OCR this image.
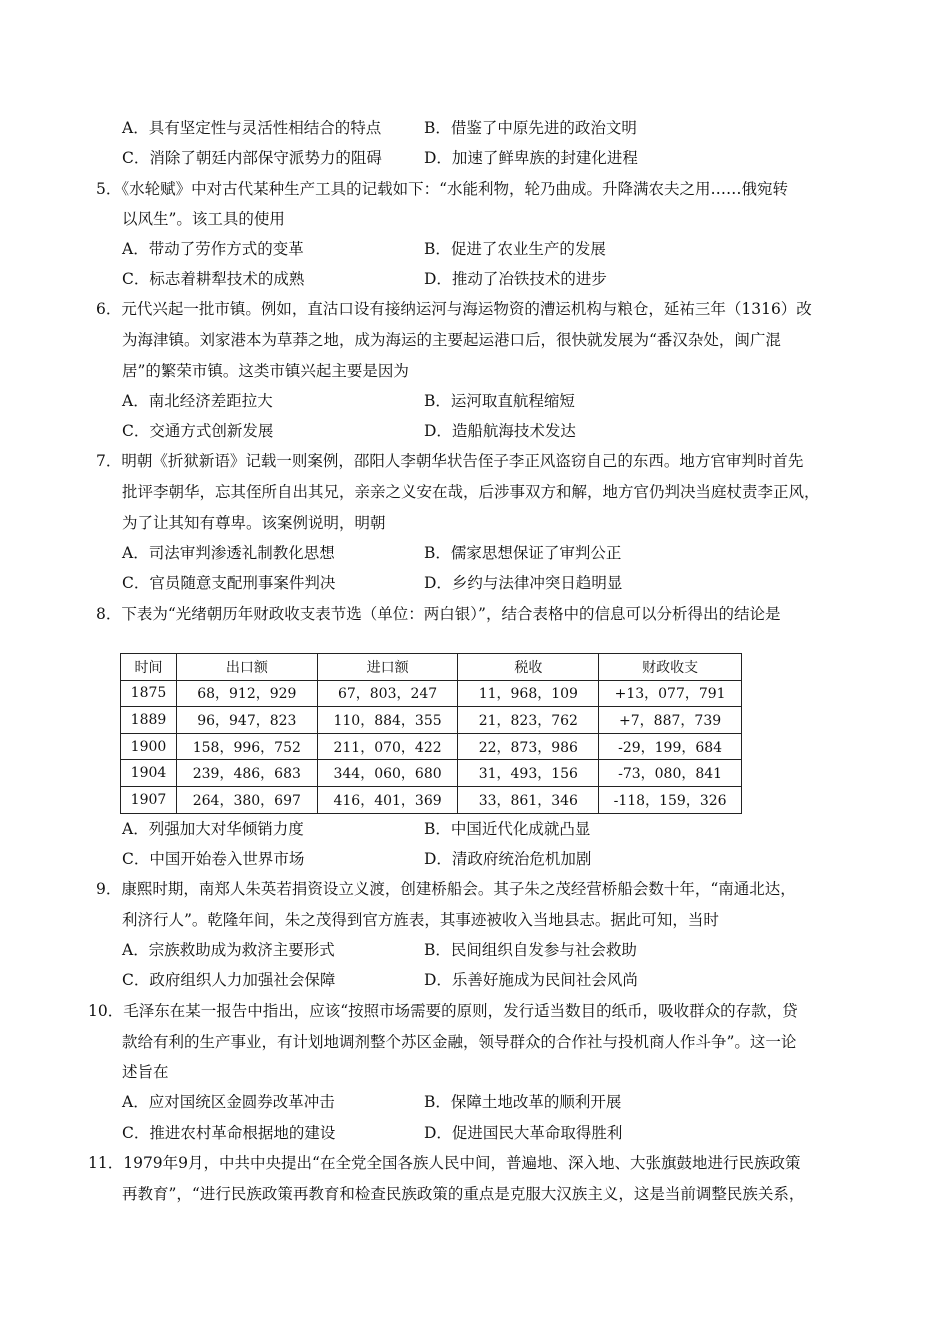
A．具有坚定性与灵活性相结合的特点	B．借鉴了中原先进的政治文明
C．消除了朝廷内部保守派势力的阻碍	D．加速了鲜卑族的封建化进程
5．《水轮赋》中对古代某种生产工具的记载如下：“水能利物，轮乃曲成。升降满农夫之用……俄宛转
以风生”。该工具的使用
A．带动了劳作方式的变革	B．促进了农业生产的发展
C．标志着耕犁技术的成熟	D．推动了冶铁技术的进步
6．元代兴起一批市镇。例如，直沽口设有接纳运河与海运物资的漕运机构与粮仓，延祐三年（1316）改
为海津镇。刘家港本为草莽之地，成为海运的主要起运港口后，很快就发展为“番汉杂处，闽广混
居”的繁荣市镇。这类市镇兴起主要是因为
A．南北经济差距拉大	B．运河取直航程缩短
C．交通方式创新发展	D．造船航海技术发达
7．明朝《折狱新语》记载一则案例，邵阳人李朝华状告侄子李正风盗窃自己的东西。地方官审判时首先
批评李朝华，忘其侄所自出其兄，亲亲之义安在哉，后涉事双方和解，地方官仍判决当庭杖责李正风，
为了让其知有尊卑。该案例说明，明朝
A．司法审判渗透礼制教化思想	B．儒家思想保证了审判公正
C．官员随意支配刑事案件判决	D．乡约与法律冲突日趋明显
8．下表为“光绪朝历年财政收支表节选（单位：两白银）”，结合表格中的信息可以分析得出的结论是
时间	出口额	进口额	税收	财政收支
1875	68，912，929	67，803，247	11，968，109	+13，077，791
1889	96，947，823	110，884，355	21，823，762	+7，887，739
1900	158，996，752	211，070，422	22，873，986	-29，199，684
1904	239，486，683	344，060，680	31，493，156	-73，080，841
1907	264，380，697	416，401，369	33，861，346	-118，159，326
A．列强加大对华倾销力度	B．中国近代化成就凸显
C．中国开始卷入世界市场	D．清政府统治危机加剧
9．康熙时期，南郑人朱英若捐资设立义渡，创建桥船会。其子朱之茂经营桥船会数十年，“南通北达，
利济行人”。乾隆年间，朱之茂得到官方旌表，其事迹被收入当地县志。据此可知，当时
A．宗族救助成为救济主要形式	B．民间组织自发参与社会救助
C．政府组织人力加强社会保障	D．乐善好施成为民间社会风尚
10．毛泽东在某一报告中指出，应该“按照市场需要的原则，发行适当数目的纸币，吸收群众的存款，贷
款给有利的生产事业，有计划地调剂整个苏区金融，领导群众的合作社与投机商人作斗争”。这一论
述旨在
A．应对国统区金圆券改革冲击	B．保障土地改革的顺利开展
C．推进农村革命根据地的建设	D．促进国民大革命取得胜利
11．1979年9月，中共中央提出“在全党全国各族人民中间，普遍地、深入地、大张旗鼓地进行民族政策
再教育”，“进行民族政策再教育和检查民族政策的重点是克服大汉族主义，这是当前调整民族关系，
